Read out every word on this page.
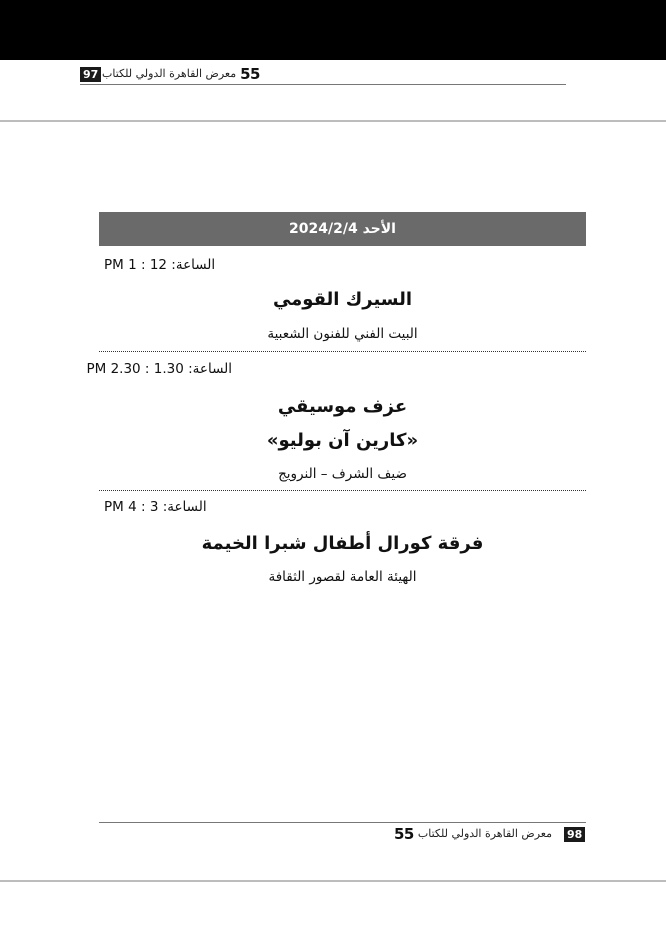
97 معرض القاهرة الدولي للكتاب 55
الأحد 2024/2/4
الساعة: 12 : 1 PM
السيرك القومي
البيت الفني للفنون الشعبية
الساعة: 1.30 : 2.30 PM
عزف موسيقي
«كارين آن بوليو»
ضيف الشرف – النرويج
الساعة: 3 : 4 PM
فرقة كورال أطفال شبرا الخيمة
الهيئة العامة لقصور الثقافة
55 معرض القاهرة الدولي للكتاب 98
